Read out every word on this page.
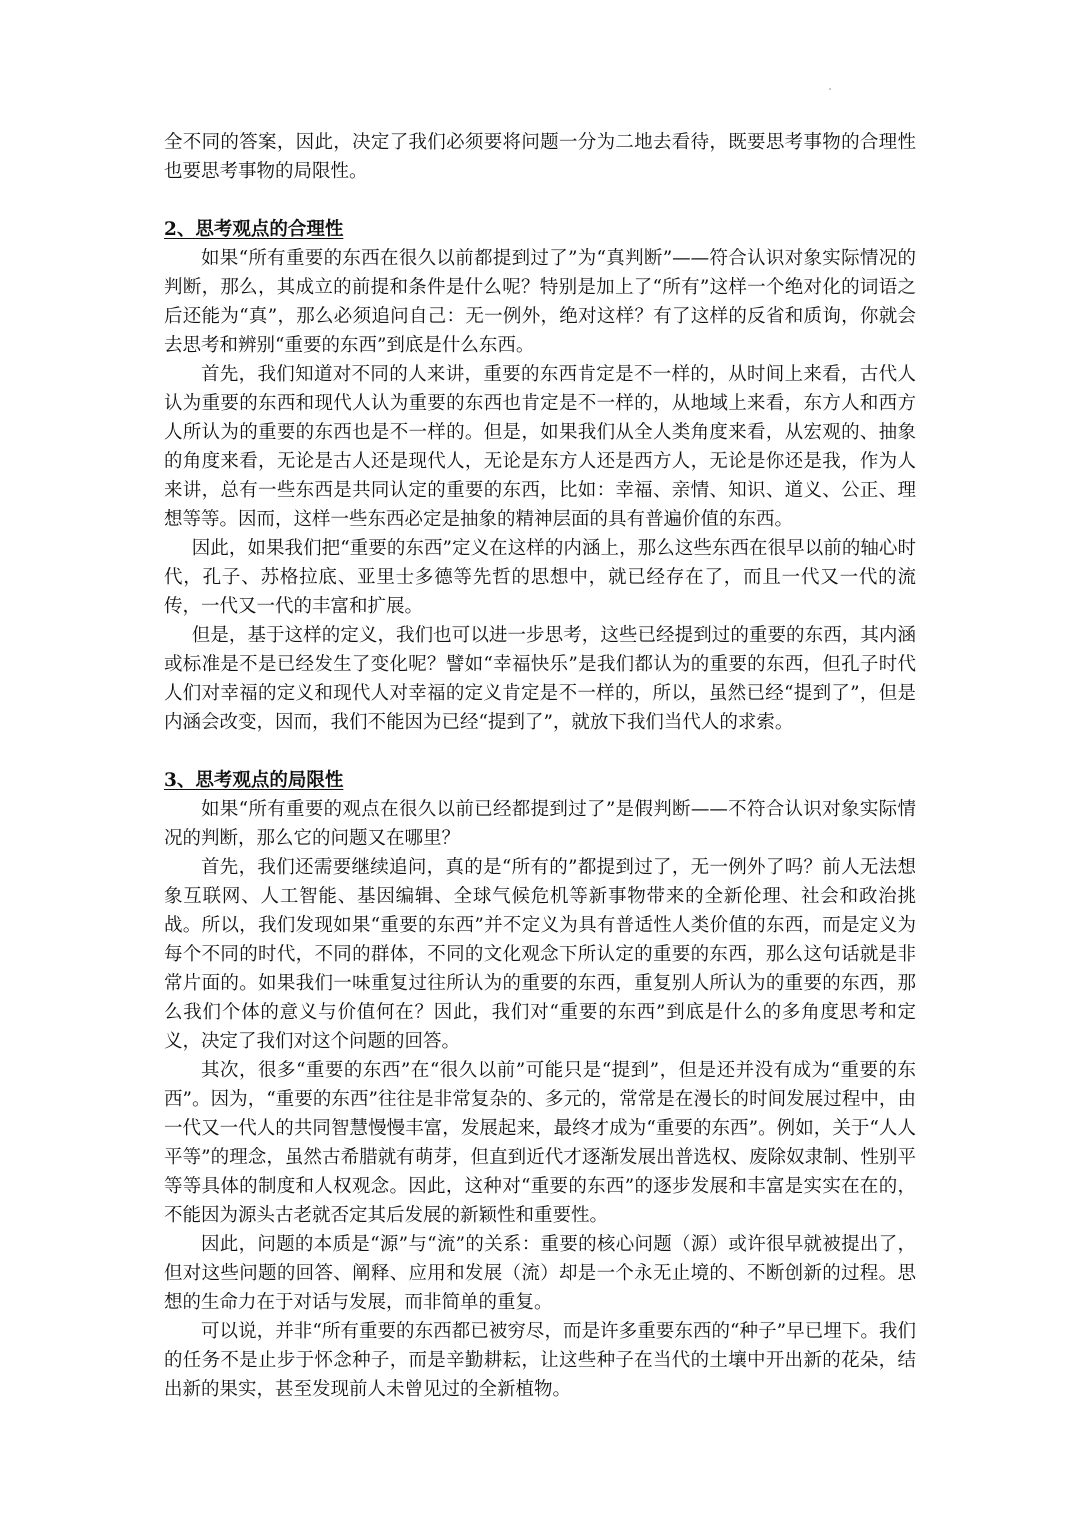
全不同的答案，因此，决定了我们必须要将问题一分为二地去看待，既要思考事物的合理性也要思考事物的局限性。

2、思考观点的合理性

如果“所有重要的东西在很久以前都提到过了”为“真判断”——符合认识对象实际情况的判断，那么，其成立的前提和条件是什么呢？特别是加上了“所有”这样一个绝对化的词语之后还能为“真”，那么必须追问自己：无一例外，绝对这样？有了这样的反省和质询，你就会去思考和辨别“重要的东西”到底是什么东西。

首先，我们知道对不同的人来讲，重要的东西肯定是不一样的，从时间上来看，古代人认为重要的东西和现代人认为重要的东西也肯定是不一样的，从地域上来看，东方人和西方人所认为的重要的东西也是不一样的。但是，如果我们从全人类角度来看，从宏观的、抽象的角度来看，无论是古人还是现代人，无论是东方人还是西方人，无论是你还是我，作为人来讲，总有一些东西是共同认定的重要的东西，比如：幸福、亲情、知识、道义、公正、理想等等。因而，这样一些东西必定是抽象的精神层面的具有普遍价值的东西。

因此，如果我们把“重要的东西”定义在这样的内涵上，那么这些东西在很早以前的轴心时代，孔子、苏格拉底、亚里士多德等先哲的思想中，就已经存在了，而且一代又一代的流传，一代又一代的丰富和扩展。

但是，基于这样的定义，我们也可以进一步思考，这些已经提到过的重要的东西，其内涵或标准是不是已经发生了变化呢？譬如“幸福快乐”是我们都认为的重要的东西，但孔子时代人们对幸福的定义和现代人对幸福的定义肯定是不一样的，所以，虽然已经“提到了”，但是内涵会改变，因而，我们不能因为已经“提到了”，就放下我们当代人的求索。

3、思考观点的局限性

如果“所有重要的观点在很久以前已经都提到过了”是假判断——不符合认识对象实际情况的判断，那么它的问题又在哪里？

首先，我们还需要继续追问，真的是“所有的”都提到过了，无一例外了吗？前人无法想象互联网、人工智能、基因编辑、全球气候危机等新事物带来的全新伦理、社会和政治挑战。所以，我们发现如果“重要的东西”并不定义为具有普适性人类价值的东西，而是定义为每个不同的时代，不同的群体，不同的文化观念下所认定的重要的东西，那么这句话就是非常片面的。如果我们一味重复过往所认为的重要的东西，重复别人所认为的重要的东西，那么我们个体的意义与价值何在？因此，我们对“重要的东西”到底是什么的多角度思考和定义，决定了我们对这个问题的回答。

其次，很多“重要的东西”在“很久以前”可能只是“提到”，但是还并没有成为“重要的东西”。因为，“重要的东西”往往是非常复杂的、多元的，常常是在漫长的时间发展过程中，由一代又一代人的共同智慧慢慢丰富，发展起来，最终才成为“重要的东西”。例如，关于“人人平等”的理念，虽然古希腊就有萌芽，但直到近代才逐渐发展出普选权、废除奴隶制、性别平等等具体的制度和人权观念。因此，这种对“重要的东西”的逐步发展和丰富是实实在在的，不能因为源头古老就否定其后发展的新颖性和重要性。

因此，问题的本质是“源”与“流”的关系：重要的核心问题（源）或许很早就被提出了，但对这些问题的回答、阐释、应用和发展（流）却是一个永无止境的、不断创新的过程。思想的生命力在于对话与发展，而非简单的重复。

可以说，并非“所有重要的东西都已被穷尽，而是许多重要东西的“种子”早已埋下。我们的任务不是止步于怀念种子，而是辛勤耕耘，让这些种子在当代的土壤中开出新的花朵，结出新的果实，甚至发现前人未曾见过的全新植物。
